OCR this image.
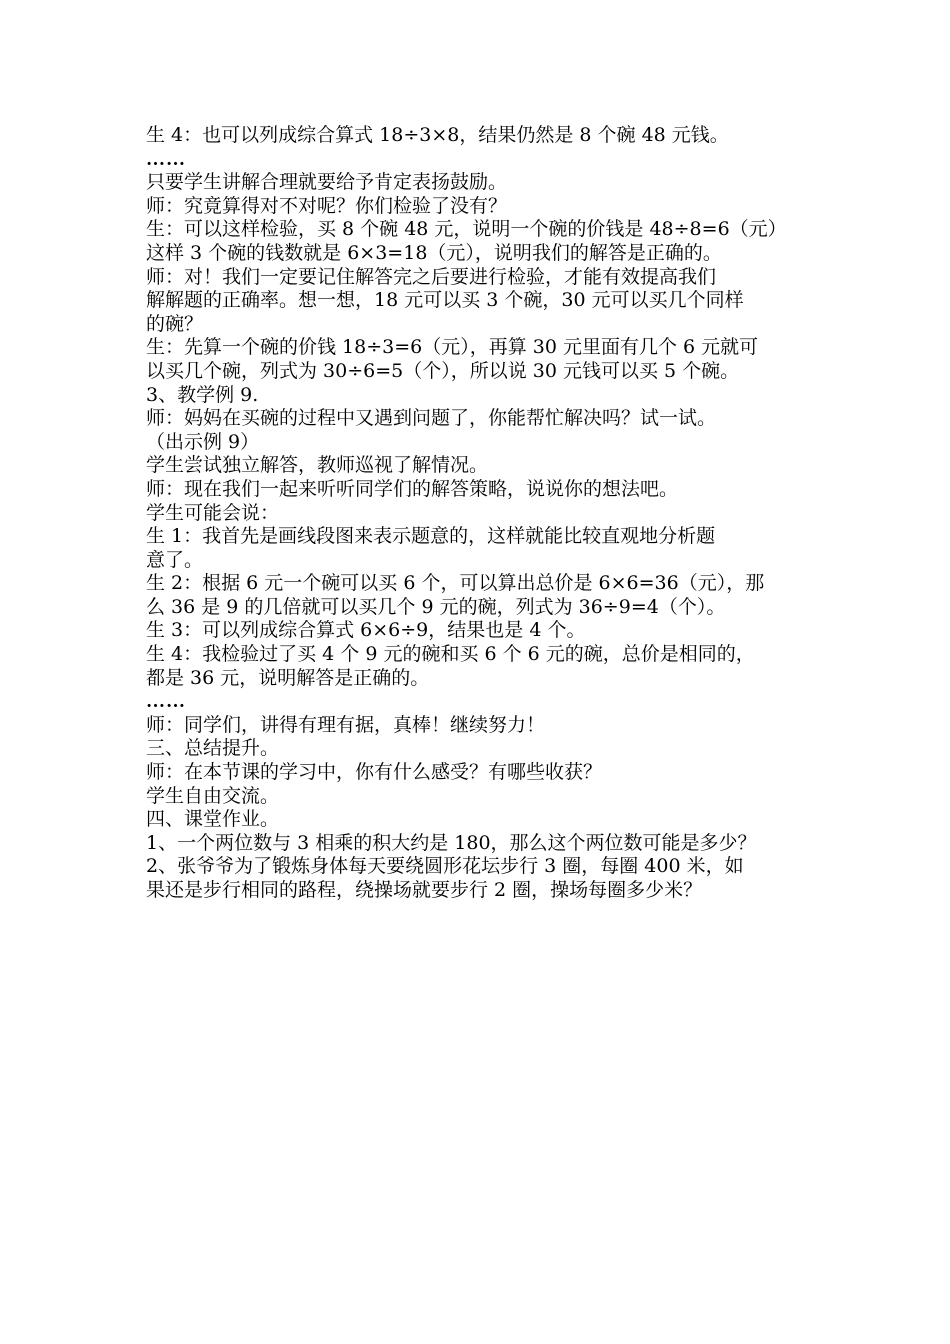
生 4：也可以列成综合算式 18÷3×8，结果仍然是 8 个碗 48 元钱。
……
只要学生讲解合理就要给予肯定表扬鼓励。
师：究竟算得对不对呢？你们检验了没有？
生：可以这样检验，买 8 个碗 48 元，说明一个碗的价钱是 48÷8=6（元）
这样 3 个碗的钱数就是 6×3=18（元），说明我们的解答是正确的。
师：对！我们一定要记住解答完之后要进行检验，才能有效提高我们
解解题的正确率。想一想，18 元可以买 3 个碗，30 元可以买几个同样
的碗？
生：先算一个碗的价钱 18÷3=6（元），再算 30 元里面有几个 6 元就可
以买几个碗，列式为 30÷6=5（个），所以说 30 元钱可以买 5 个碗。
3、教学例 9.
师：妈妈在买碗的过程中又遇到问题了，你能帮忙解决吗？试一试。
（出示例 9）
学生尝试独立解答，教师巡视了解情况。
师：现在我们一起来听听同学们的解答策略，说说你的想法吧。
学生可能会说：
生 1：我首先是画线段图来表示题意的，这样就能比较直观地分析题
意了。
生 2：根据 6 元一个碗可以买 6 个，可以算出总价是 6×6=36（元），那
么 36 是 9 的几倍就可以买几个 9 元的碗，列式为 36÷9=4（个）。
生 3：可以列成综合算式 6×6÷9，结果也是 4 个。
生 4：我检验过了买 4 个 9 元的碗和买 6 个 6 元的碗，总价是相同的，
都是 36 元，说明解答是正确的。
……
师：同学们，讲得有理有据，真棒！继续努力！
三、总结提升。
师：在本节课的学习中，你有什么感受？有哪些收获？
学生自由交流。
四、课堂作业。
1、一个两位数与 3 相乘的积大约是 180，那么这个两位数可能是多少？
2、张爷爷为了锻炼身体每天要绕圆形花坛步行 3 圈，每圈 400 米，如
果还是步行相同的路程，绕操场就要步行 2 圈，操场每圈多少米？
